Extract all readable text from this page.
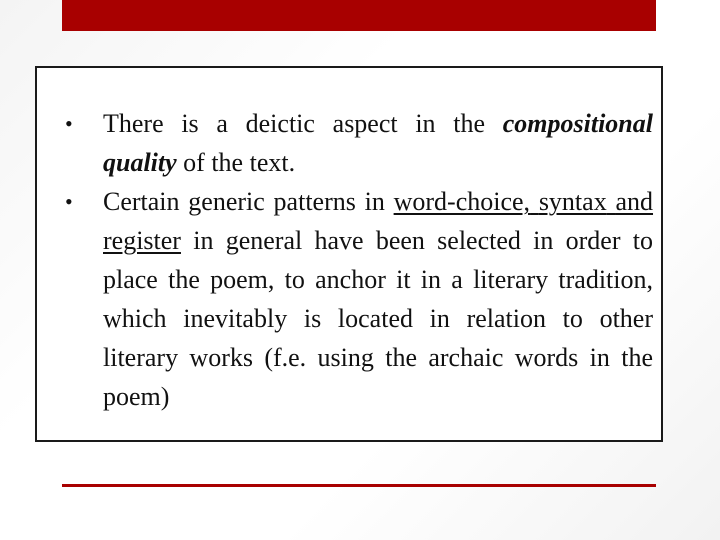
• There is a deictic aspect in the compositional quality of the text.
• Certain generic patterns in word-choice, syntax and register in general have been selected in order to place the poem, to anchor it in a literary tradition, which inevitably is located in relation to other literary works (f.e. using the archaic words in the poem)
